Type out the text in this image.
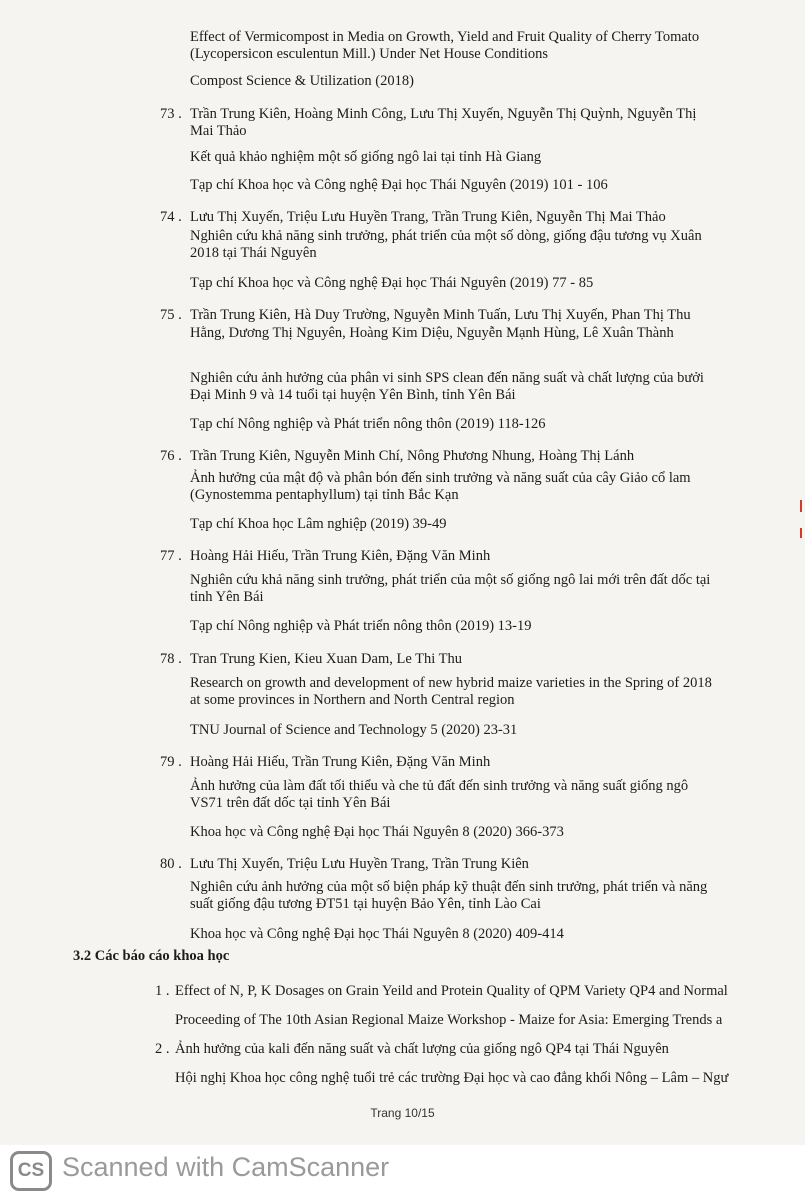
Effect of Vermicompost in Media on Growth, Yield and Fruit Quality of Cherry Tomato
(Lycopersicon esculentun Mill.) Under Net House Conditions
Compost Science & Utilization (2018)
73 . Trần Trung Kiên, Hoàng Minh Công, Lưu Thị Xuyến, Nguyễn Thị Quỳnh, Nguyễn Thị
Mai Thảo
Kết quả khảo nghiệm một số giống ngô lai tại tỉnh Hà Giang
Tạp chí Khoa học và Công nghệ Đại học Thái Nguyên (2019) 101 - 106
74 . Lưu Thị Xuyến, Triệu Lưu Huyền Trang, Trần Trung Kiên, Nguyễn Thị Mai Thảo
Nghiên cứu khả năng sinh trưởng, phát triển của một số dòng, giống đậu tương vụ Xuân
2018 tại Thái Nguyên
Tạp chí Khoa học và Công nghệ Đại học Thái Nguyên (2019) 77 - 85
75 . Trần Trung Kiên, Hà Duy Trường, Nguyễn Minh Tuấn, Lưu Thị Xuyến, Phan Thị Thu
Hằng, Dương Thị Nguyên, Hoàng Kim Diệu, Nguyễn Mạnh Hùng, Lê Xuân Thành
Nghiên cứu ảnh hưởng của phân vi sinh SPS clean đến năng suất và chất lượng của bưởi
Đại Minh 9 và 14 tuổi tại huyện Yên Bình, tỉnh Yên Bái
Tạp chí Nông nghiệp và Phát triển nông thôn (2019) 118-126
76 . Trần Trung Kiên, Nguyễn Minh Chí, Nông Phương Nhung, Hoàng Thị Lánh
Ảnh hưởng của mật độ và phân bón đến sinh trưởng và năng suất của cây Giảo cổ lam
(Gynostemma pentaphyllum) tại tỉnh Bắc Kạn
Tạp chí Khoa học Lâm nghiệp (2019) 39-49
77 . Hoàng Hải Hiếu, Trần Trung Kiên, Đặng Văn Minh
Nghiên cứu khả năng sinh trưởng, phát triển của một số giống ngô lai mới trên đất dốc tại
tỉnh Yên Bái
Tạp chí Nông nghiệp và Phát triển nông thôn (2019) 13-19
78 . Tran Trung Kien, Kieu Xuan Dam, Le Thi Thu
Research on growth and development of new hybrid maize varieties in the Spring of 2018
at some provinces in Northern and North Central region
TNU Journal of Science and Technology 5 (2020) 23-31
79 . Hoàng Hải Hiếu, Trần Trung Kiên, Đặng Văn Minh
Ảnh hưởng của làm đất tối thiểu và che tủ đất đến sinh trưởng và năng suất giống ngô
VS71 trên đất dốc tại tỉnh Yên Bái
Khoa học và Công nghệ Đại học Thái Nguyên 8 (2020) 366-373
80 . Lưu Thị Xuyến, Triệu Lưu Huyền Trang, Trần Trung Kiên
Nghiên cứu ảnh hưởng của một số biện pháp kỹ thuật đến sinh trưởng, phát triển và năng
suất giống đậu tương ĐT51 tại huyện Bảo Yên, tỉnh Lào Cai
Khoa học và Công nghệ Đại học Thái Nguyên 8 (2020) 409-414
3.2 Các báo cáo khoa học
1 . Effect of N, P, K Dosages on Grain Yeild and Protein Quality of QPM Variety QP4 and Normal
Proceeding of The 10th Asian Regional Maize Workshop - Maize for Asia: Emerging Trends a
2 . Ảnh hưởng của kali đến năng suất và chất lượng của giống ngô QP4 tại Thái Nguyên
Hội nghị Khoa học công nghệ tuổi trẻ các trường Đại học và cao đẳng khối Nông – Lâm – Ngư
Trang 10/15
CS Scanned with CamScanner
